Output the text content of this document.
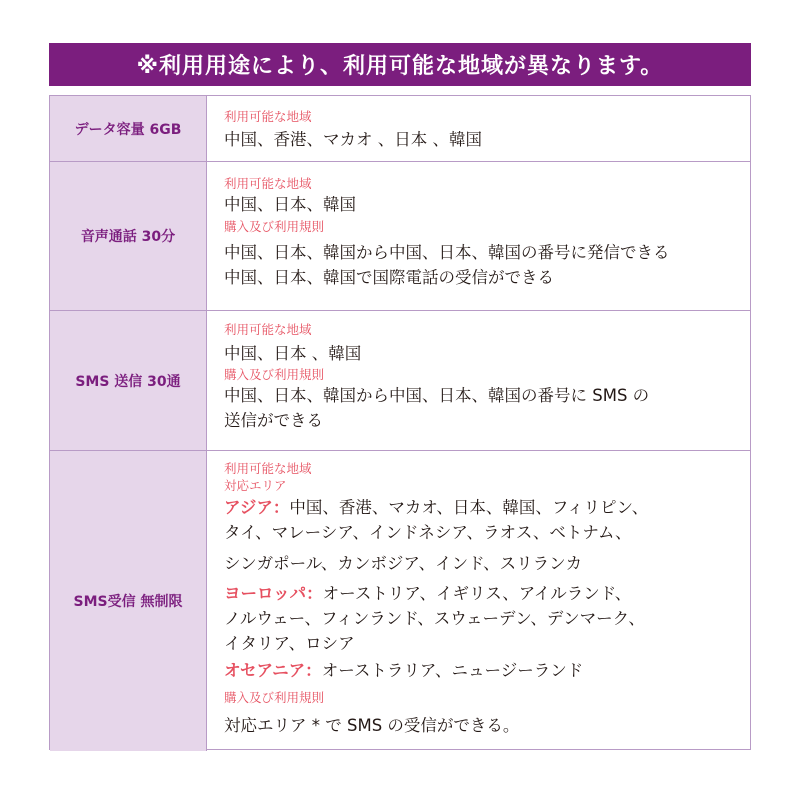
※利用用途により、利用可能な地域が異なります。
データ容量 6GB
利用可能な地域
中国、香港、マカオ 、日本 、韓国
音声通話 30分
利用可能な地域
中国、日本、韓国
購入及び利用規則
中国、日本、韓国から中国、日本、韓国の番号に発信できる
中国、日本、韓国で国際電話の受信ができる
SMS 送信 30通
利用可能な地域
中国、日本 、韓国
購入及び利用規則
中国、日本、韓国から中国、日本、韓国の番号に SMS の
送信ができる
SMS受信 無制限
利用可能な地域
対応エリア
アジア：中国、香港、マカオ、日本、韓国、フィリピン、
タイ、マレーシア、インドネシア、ラオス、ベトナム、
シンガポール、カンボジア、インド、スリランカ
ヨーロッパ：オーストリア、イギリス、アイルランド、
ノルウェー、フィンランド、スウェーデン、デンマーク、
イタリア、ロシア
オセアニア：オーストラリア、ニュージーランド
購入及び利用規則
対応エリア * で SMS の受信ができる。
